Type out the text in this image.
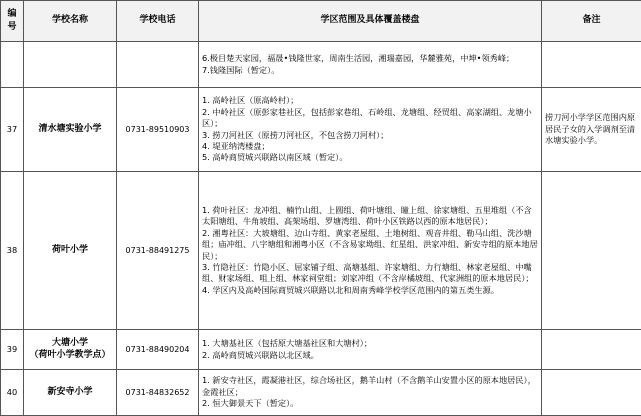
编
号	学校名称	学校电话	学区范围及具体覆盖楼盘	备注

			6.极目楚天家园，福晟•钱隆世家，周南生活园，湘瑞嘉园，华麓雅苑，中坤•领秀峰；
7.钱隆国际（暂定）。	

37	清水塘实验小学	0731-89510903	1. 高岭社区（原高岭村）；
2. 中岭社区（原彭家巷社区，包括彭家巷组、石岭组、龙塘组、经贸组、高家湖组、龙塘小区）；
3. 捞刀河社区（原捞刀河社区，不包含捞刀河村）；
4. 堤亚纳湾楼盘；
5. 高岭商贸城兴联路以南区域（暂定）。	捞刀河小学学区范围内原居民子女的入学调剂至清水塘实验小学。
38	荷叶小学	0731-88491275	1. 荷叶社区：龙冲组、楠竹山组、上圆组、荷叶塘组、瞳上组、徐家塘组、五里堆组（不含太阳塘组、牛角坡组、高架场组、罗塘湾组、荷叶小区铁路以西的原本地居民）；
2. 湘粤社区：大坡塘组、边山寺组、黄家老屋组、土地树组、观音井组、勒马山组、洗沙塘组；庙冲组、八字塘组和湘粤小区（不含易家坳组、红星组、洪家冲组、新安寺组的原本地居民）；
3. 竹隐社区：竹隐小区、屈家铺子组、高塘基组、许家塘组、力行塘组、林家老屋组、中嘴组、财家场组、咀上组、林家祠堂组；刘家冲组（不含岸橘坡组、代家洲组的原本地居民）；
4. 学区内及高岭国际商贸城兴联路以北和周南秀峰学校学区范围内的第五类生源。	

39	大塘小学
（荷叶小学教学点）	0731-88490204	1. 大塘基社区（包括原大塘基社区和大塘村）；
2. 高岭商贸城兴联路以北区域。	

40	新安寺小学	0731-84832652	1. 新安寺社区，霞凝港社区，综合场社区，鹅羊山村（不含鹅羊山安置小区的原本地居民），金霞社区；
2. 恒大御景天下（暂定）。	
